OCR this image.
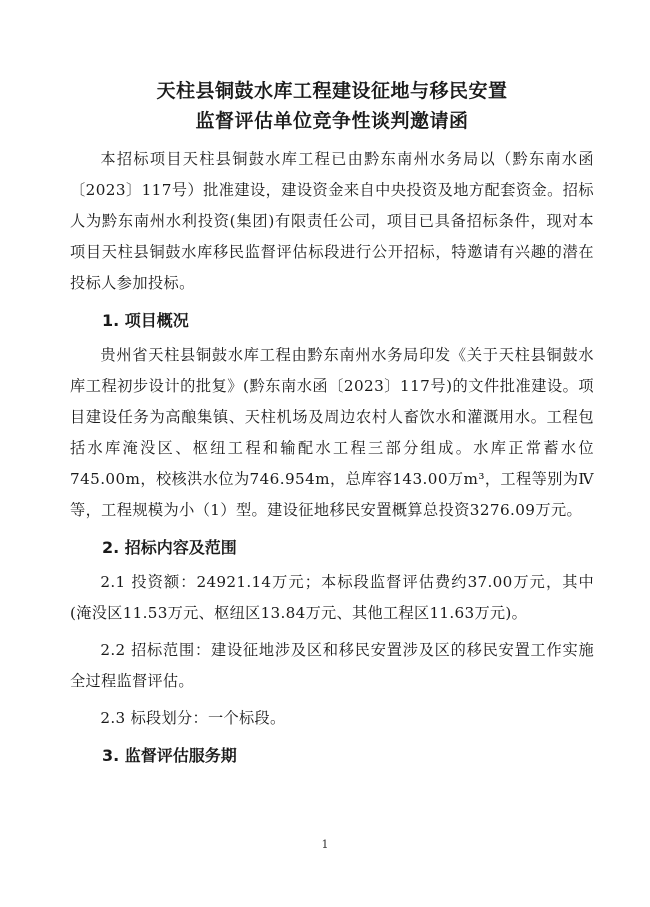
天柱县铜鼓水库工程建设征地与移民安置
监督评估单位竞争性谈判邀请函

本招标项目天柱县铜鼓水库工程已由黔东南州水务局以（黔东南水函〔2023〕117号）批准建设，建设资金来自中央投资及地方配套资金。招标人为黔东南州水利投资(集团)有限责任公司，项目已具备招标条件，现对本项目天柱县铜鼓水库移民监督评估标段进行公开招标，特邀请有兴趣的潜在投标人参加投标。

1. 项目概况

贵州省天柱县铜鼓水库工程由黔东南州水务局印发《关于天柱县铜鼓水库工程初步设计的批复》(黔东南水函〔2023〕117号)的文件批准建设。项目建设任务为高酿集镇、天柱机场及周边农村人畜饮水和灌溉用水。工程包括水库淹没区、枢纽工程和输配水工程三部分组成。水库正常蓄水位745.00m，校核洪水位为746.954m，总库容143.00万m³，工程等别为Ⅳ等，工程规模为小（1）型。建设征地移民安置概算总投资3276.09万元。

2. 招标内容及范围

2.1 投资额：24921.14万元；本标段监督评估费约37.00万元，其中(淹没区11.53万元、枢纽区13.84万元、其他工程区11.63万元)。

2.2 招标范围：建设征地涉及区和移民安置涉及区的移民安置工作实施全过程监督评估。

2.3 标段划分：一个标段。

3. 监督评估服务期

1
